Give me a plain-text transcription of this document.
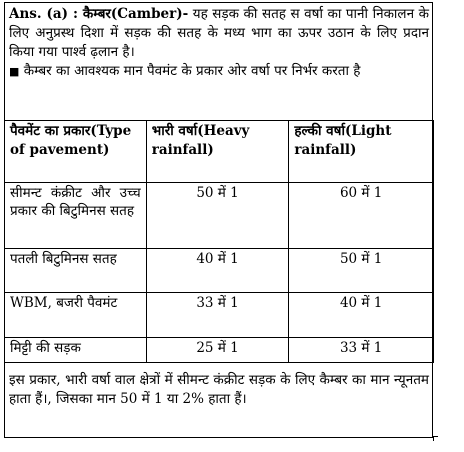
Ans. (a) : कैम्बर(Camber)- यह सड़क की सतह स वर्षा का पानी निकालन के लिए अनुप्रस्थ दिशा में सड़क की सतह के मध्य भाग का ऊपर उठान के लिए प्रदान किया गया पार्श्व ढ़लान है।
■ कैम्बर का आवश्यक मान पैवमंट के प्रकार ओर वर्षा पर निर्भर करता है
पैवमेंट का प्रकार(Type of pavement)	भारी वर्षा(Heavy rainfall)	हल्की वर्षा(Light rainfall)
सीमन्ट कंक्रीट और उच्च प्रकार की बिटुमिनस सतह	50 में 1	60 में 1
पतली बिटुमिनस सतह	40 में 1	50 में 1
WBM, बजरी पैवमंट	33 में 1	40 में 1
मिट्टी की सड़क	25 में 1	33 में 1
इस प्रकार, भारी वर्षा वाल क्षेत्रों में सीमन्ट कंक्रीट सड़क के लिए कैम्बर का मान न्यूनतम हाता हैं।, जिसका मान 50 में 1 या 2% हाता हैं।
